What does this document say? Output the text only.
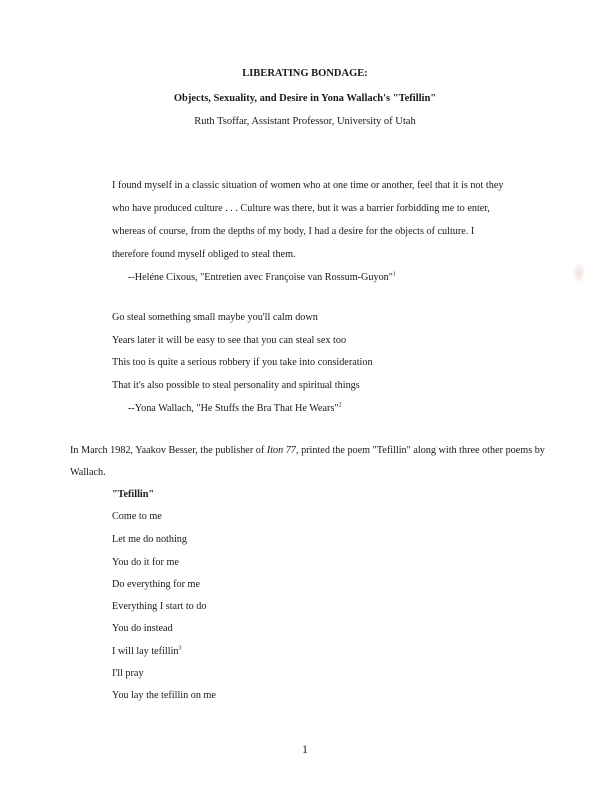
LIBERATING BONDAGE:
Objects, Sexuality, and Desire in Yona Wallach's "Tefillin"
Ruth Tsoffar, Assistant Professor, University of Utah
I found myself in a classic situation of women who at one time or another, feel that it is not they
who have produced culture . . . Culture was there, but it was a barrier forbidding me to enter,
whereas of course, from the depths of my body, I had a desire for the objects of culture. I
therefore found myself obliged to steal them.
--Heléne Cixous, "Entretien avec Françoise van Rossum-Guyon"$^1$
Go steal something small maybe you'll calm down
Years later it will be easy to see that you can steal sex too
This too is quite a serious robbery if you take into consideration
That it's also possible to steal personality and spiritual things
--Yona Wallach, "He Stuffs the Bra That He Wears"$^2$
In March 1982, Yaakov Besser, the publisher of Iton 77, printed the poem "Tefillin" along with three other poems by
Wallach.
"Tefillin"
Come to me
Let me do nothing
You do it for me
Do everything for me
Everything I start to do
You do instead
I will lay tefillin$^3$
I'll pray
You lay the tefillin on me
1
